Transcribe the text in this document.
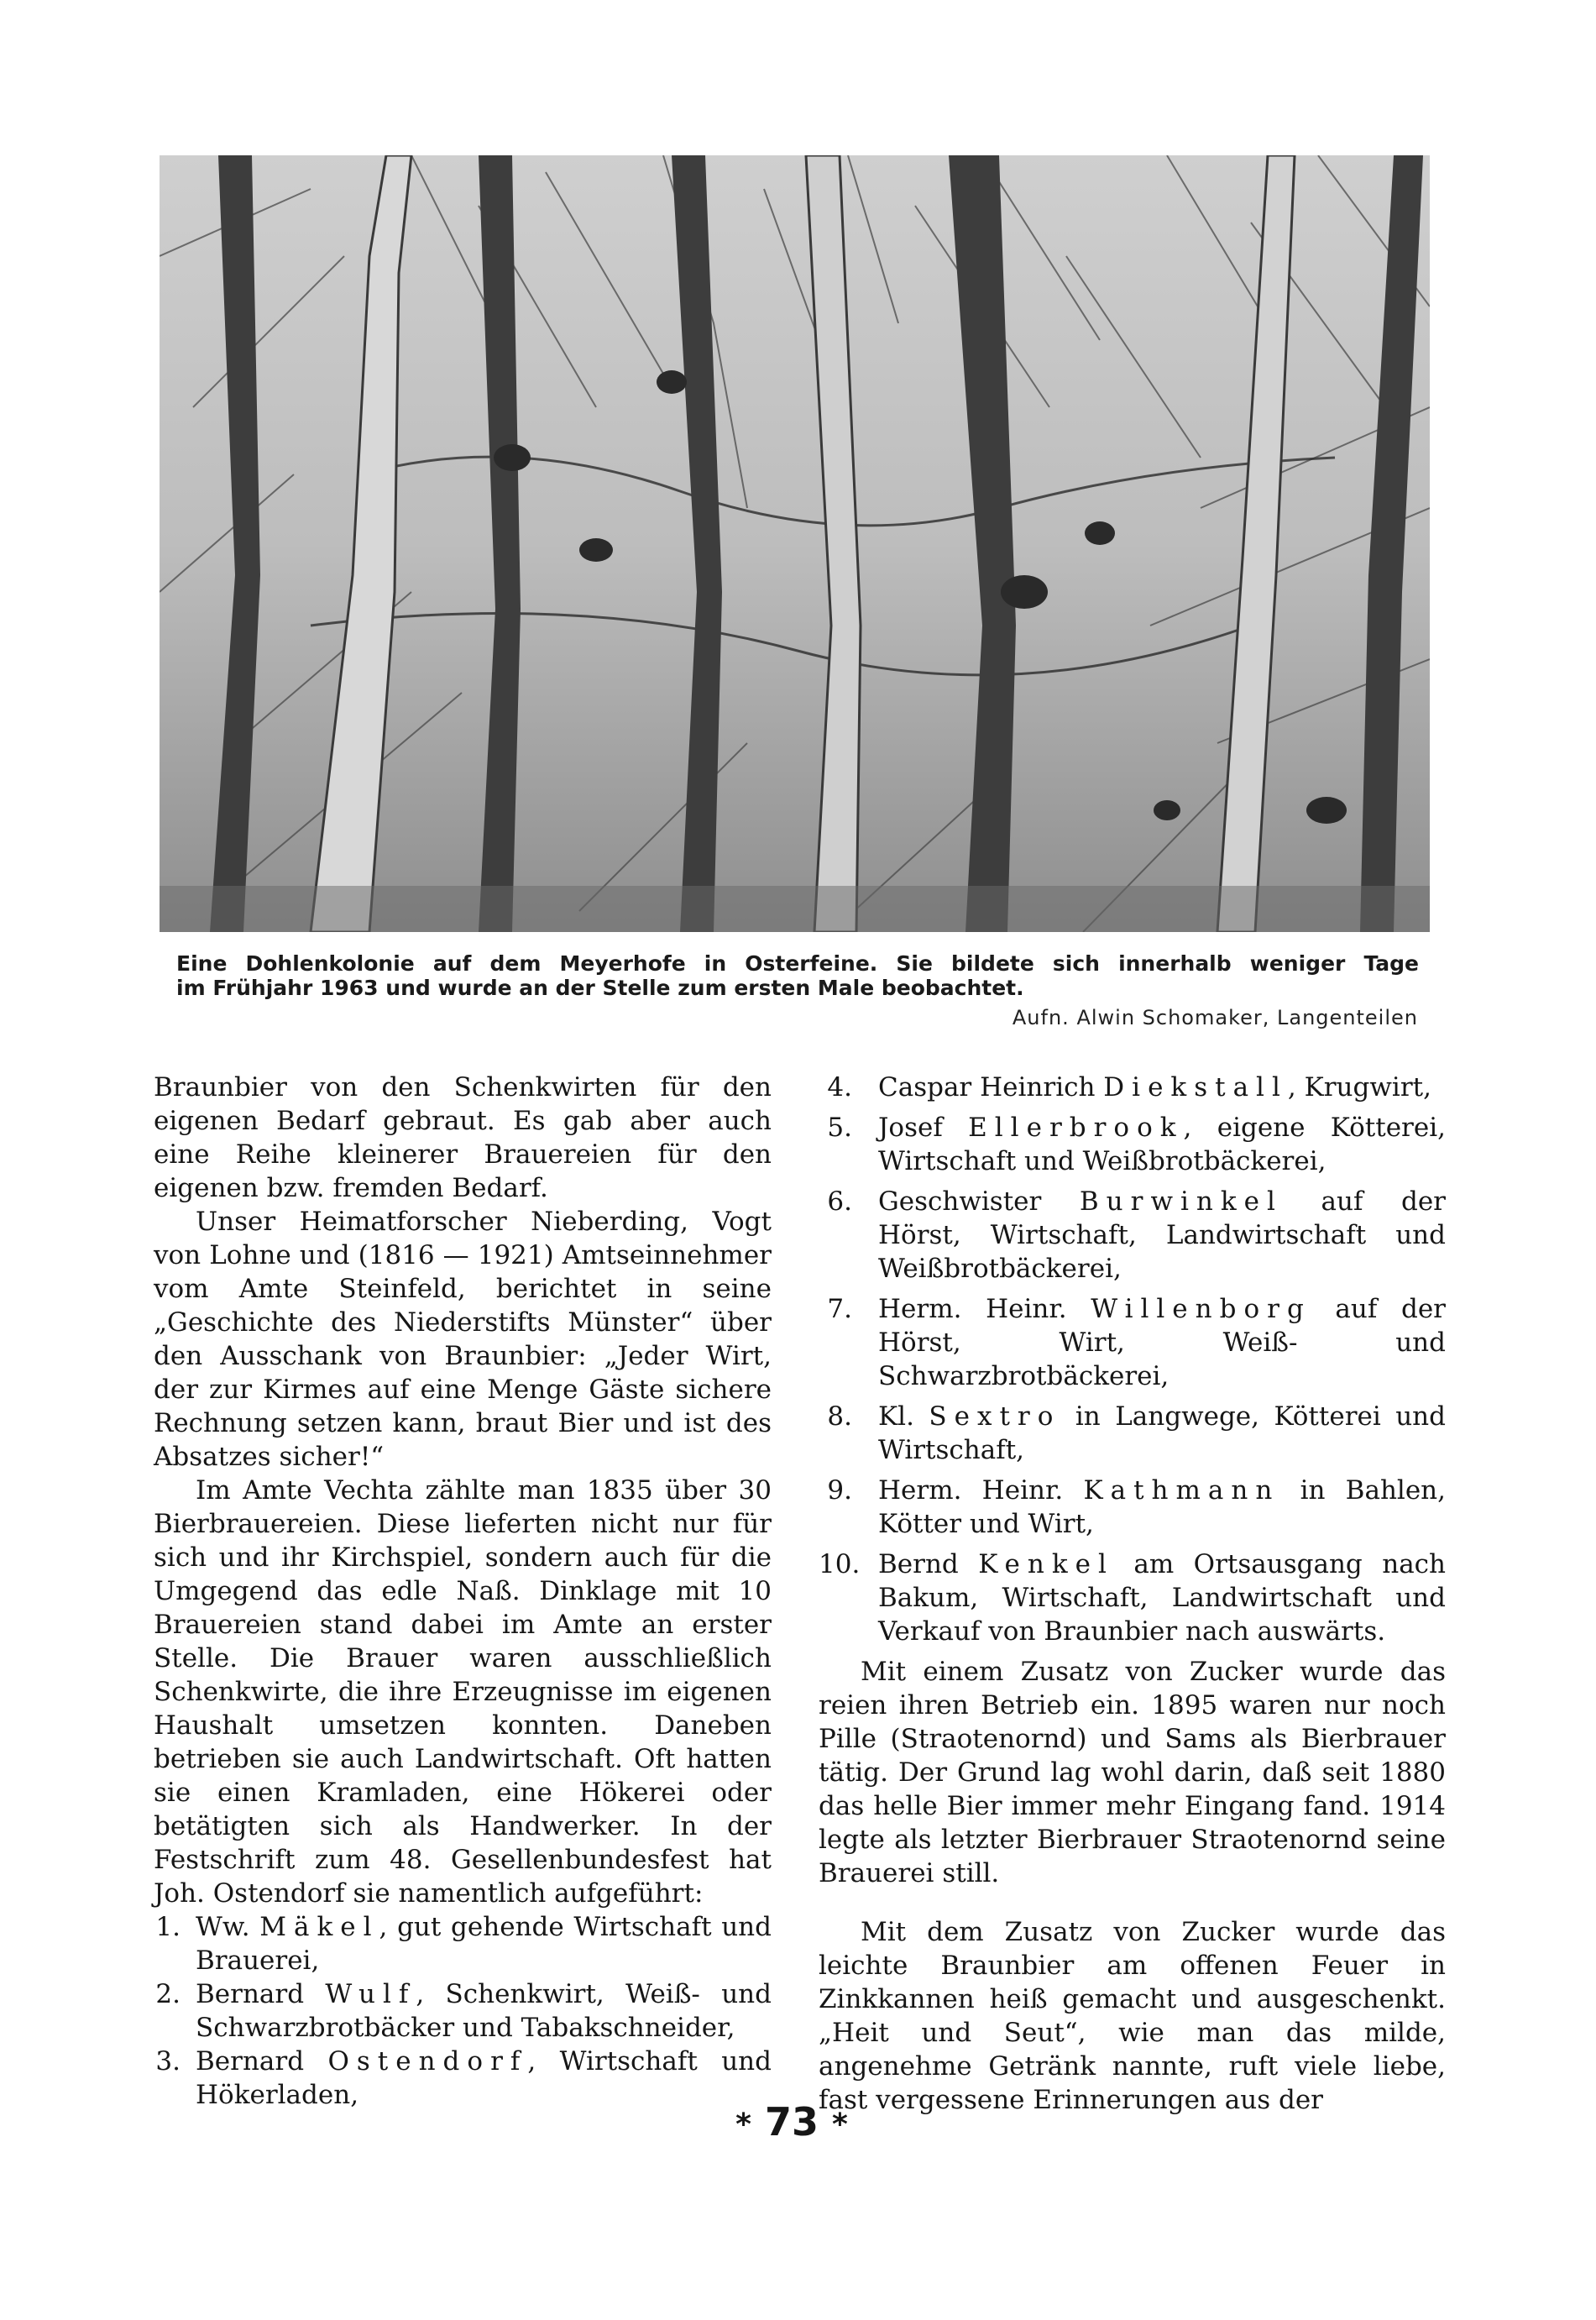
Eine Dohlenkolonie auf dem Meyerhofe in Osterfeine. Sie bildete sich innerhalb weniger Tage
im Frühjahr 1963 und wurde an der Stelle zum ersten Male beobachtet.
Aufn. Alwin Schomaker, Langenteilen

Braunbier von den Schenkwirten für den eigenen Bedarf gebraut. Es gab aber auch eine Reihe kleinerer Brauereien für den eigenen bzw. fremden Bedarf.

Unser Heimatforscher Nieberding, Vogt von Lohne und (1816 — 1921) Amtseinnehmer vom Amte Steinfeld, berichtet in seine „Geschichte des Niederstifts Münster“ über den Ausschank von Braunbier: „Jeder Wirt, der zur Kirmes auf eine Menge Gäste sichere Rechnung setzen kann, braut Bier und ist des Absatzes sicher!“

Im Amte Vechta zählte man 1835 über 30 Bierbrauereien. Diese lieferten nicht nur für sich und ihr Kirchspiel, sondern auch für die Umgegend das edle Naß. Dinklage mit 10 Brauereien stand dabei im Amte an erster Stelle. Die Brauer waren ausschließlich Schenkwirte, die ihre Erzeugnisse im eigenen Haushalt umsetzen konnten. Daneben betrieben sie auch Landwirtschaft. Oft hatten sie einen Kramladen, eine Hökerei oder betätigten sich als Handwerker. In der Festschrift zum 48. Gesellenbundesfest hat Joh. Ostendorf sie namentlich aufgeführt:

1. Ww. Mäkel, gut gehende Wirtschaft und Brauerei,
2. Bernard Wulf, Schenkwirt, Weiß- und Schwarzbrotbäcker und Tabakschneider,
3. Bernard Ostendorf, Wirtschaft und Hökerladen,
4.	Caspar Heinrich Diekstall, Krugwirt,
5.	Josef Ellerbrook, eigene Kötterei, Wirtschaft und Weißbrotbäckerei,
6.	Geschwister Burwinkel auf der Hörst, Wirtschaft, Landwirtschaft und Weißbrotbäckerei,
7.	Herm. Heinr. Willenborg auf der Hörst, Wirt, Weiß- und Schwarzbrotbäckerei,
8.	Kl. Sextro in Langwege, Kötterei und Wirtschaft,
9.	Herm. Heinr. Kathmann in Bahlen, Kötter und Wirt,
10. Bernd Kenkel am Ortsausgang nach Bakum, Wirtschaft, Landwirtschaft und Verkauf von Braunbier nach auswärts.

Mit einem Zusatz von Zucker wurde das reien ihren Betrieb ein. 1895 waren nur noch Pille (Straotenornd) und Sams als Bierbrauer tätig. Der Grund lag wohl darin, daß seit 1880 das helle Bier immer mehr Eingang fand. 1914 legte als letzter Bierbrauer Straotenornd seine Brauerei still.

Mit dem Zusatz von Zucker wurde das leichte Braunbier am offenen Feuer in Zinkkannen heiß gemacht und ausgeschenkt. „Heit und Seut“, wie man das milde, angenehme Getränk nannte, ruft viele liebe, fast vergessene Erinnerungen aus der

* 73 *
